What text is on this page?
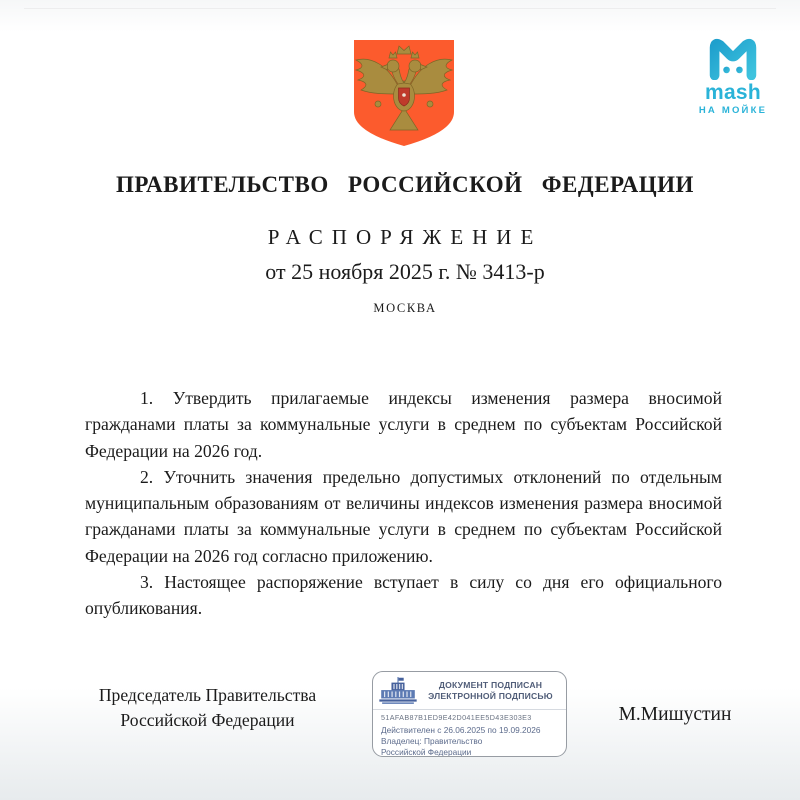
mash
НА МОЙКЕ
ПРАВИТЕЛЬСТВО РОССИЙСКОЙ ФЕДЕРАЦИИ
РАСПОРЯЖЕНИЕ
от 25 ноября 2025 г. № 3413-р
МОСКВА

1. Утвердить прилагаемые индексы изменения размера вносимой гражданами платы за коммунальные услуги в среднем по субъектам Российской Федерации на 2026 год.

2. Уточнить значения предельно допустимых отклонений по отдельным муниципальным образованиям от величины индексов изменения размера вносимой гражданами платы за коммунальные услуги в среднем по субъектам Российской Федерации на 2026 год согласно приложению.

3. Настоящее распоряжение вступает в силу со дня его официального опубликования.

Председатель Правительства
Российской Федерации
ДОКУМЕНТ ПОДПИСАН
ЭЛЕКТРОННОЙ ПОДПИСЬЮ
51AFAB87B1ED9E42D041EE5D43E303E3
Действителен с 26.06.2025 по 19.09.2026
Владелец: Правительство Российской Федерации
М.Мишустин
